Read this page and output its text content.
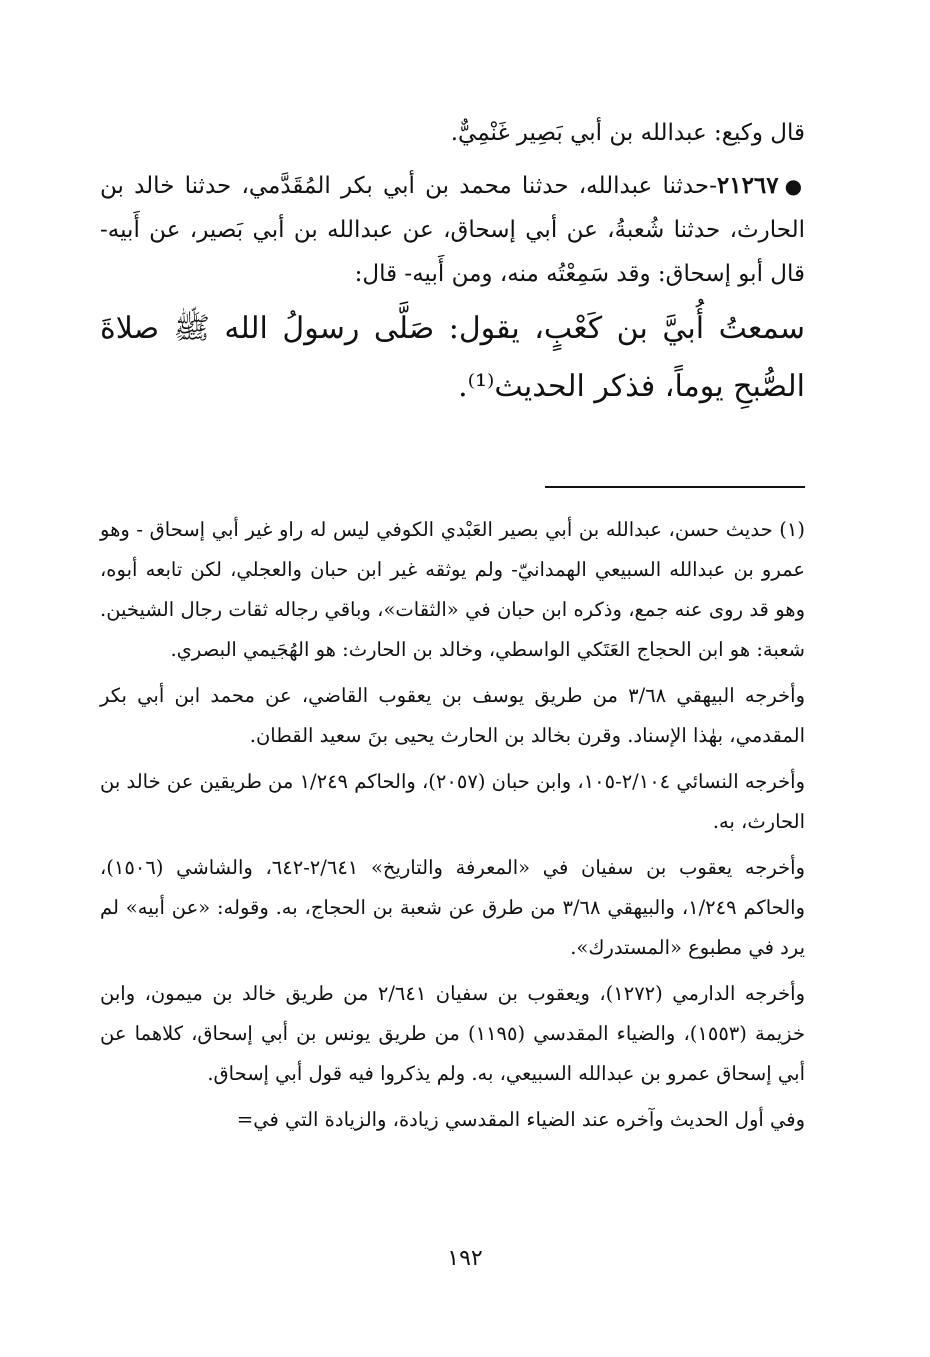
قال وكيع: عبدالله بن أبي بَصِير غَنْمِيٌّ.

●٢١٢٦٧-حدثنا عبدالله، حدثنا محمد بن أبي بكر المُقَدَّمي، حدثنا خالد بن الحارث، حدثنا شُعبةُ، عن أبي إسحاق، عن عبدالله بن أبي بَصير، عن أَبيه- قال أبو إسحاق: وقد سَمِعْتُه منه، ومن أَبيه- قال:

سمعتُ أُبيَّ بن كَعْبٍ، يقول: صَلَّى رسولُ الله ﷺ صلاةَ الصُّبحِ يوماً، فذكر الحديث⁽¹⁾.

(١) حديث حسن، عبدالله بن أبي بصير العَبْدي الكوفي ليس له راو غير أبي إسحاق - وهو عمرو بن عبدالله السبيعي الهمدانيّ- ولم يوثقه غير ابن حبان والعجلي، لكن تابعه أبوه، وهو قد روى عنه جمع، وذكره ابن حبان في «الثقات»، وباقي رجاله ثقات رجال الشيخين. شعبة: هو ابن الحجاج العَتَكي الواسطي، وخالد بن الحارث: هو الهُجَيمي البصري.

وأخرجه البيهقي ٣/٦٨ من طريق يوسف بن يعقوب القاضي، عن محمد ابن أبي بكر المقدمي، بهٰذا الإسناد. وقرن بخالد بن الحارث يحيى بنَ سعيد القطان.

وأخرجه النسائي ٢/١٠٤-١٠٥، وابن حبان (٢٠٥٧)، والحاكم ١/٢٤٩ من طريقين عن خالد بن الحارث، به.

وأخرجه يعقوب بن سفيان في «المعرفة والتاريخ» ٢/٦٤١-٦٤٢، والشاشي (١٥٠٦)، والحاكم ١/٢٤٩، والبيهقي ٣/٦٨ من طرق عن شعبة بن الحجاج، به. وقوله: «عن أبيه» لم يرد في مطبوع «المستدرك».

وأخرجه الدارمي (١٢٧٢)، ويعقوب بن سفيان ٢/٦٤١ من طريق خالد بن ميمون، وابن خزيمة (١٥٥٣)، والضياء المقدسي (١١٩٥) من طريق يونس بن أبي إسحاق، كلاهما عن أبي إسحاق عمرو بن عبدالله السبيعي، به. ولم يذكروا فيه قول أبي إسحاق.

وفي أول الحديث وآخره عند الضياء المقدسي زيادة، والزيادة التي في=

١٩٢
